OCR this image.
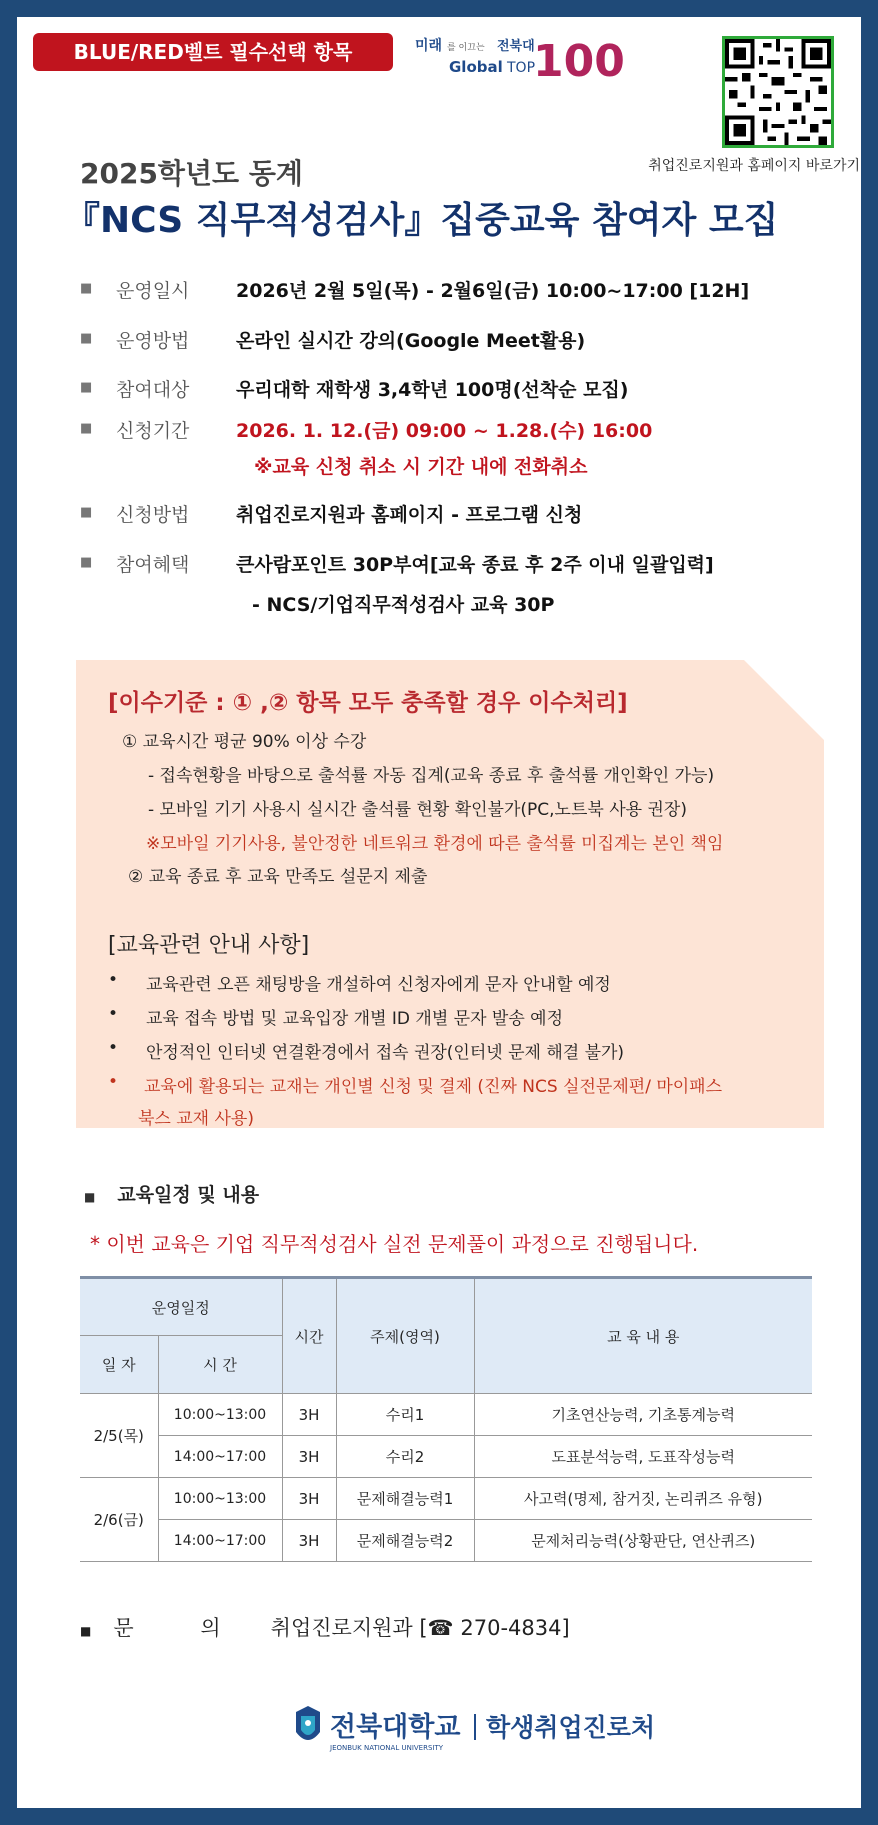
BLUE/RED벨트 필수선택 항목	미래 를 이끄는 전북대
Global TOP
100
취업진로지원과 홈페이지 바로가기
2025학년도 동계
『NCS 직무적성검사』집중교육 참여자 모집
■ 운영일시	2026년 2월 5일(목) - 2월6일(금) 10:00~17:00 [12H]
■ 운영방법	온라인 실시간 강의(Google Meet활용)
■ 참여대상	우리대학 재학생 3,4학년 100명(선착순 모집)
■ 신청기간	2026. 1. 12.(금) 09:00 ~ 1.28.(수) 16:00
※교육 신청 취소 시 기간 내에 전화취소
■ 신청방법	취업진로지원과 홈페이지 - 프로그램 신청
■ 참여혜택	큰사람포인트 30P부여[교육 종료 후 2주 이내 일괄입력]
- NCS/기업직무적성검사 교육 30P
[이수기준 : ① ,② 항목 모두 충족할 경우 이수처리]
① 교육시간 평균 90% 이상 수강
- 접속현황을 바탕으로 출석률 자동 집계(교육 종료 후 출석률 개인확인 가능)
- 모바일 기기 사용시 실시간 출석률 현황 확인불가(PC,노트북 사용 권장)
※모바일 기기사용, 불안정한 네트워크 환경에 따른 출석률 미집계는 본인 책임
② 교육 종료 후 교육 만족도 설문지 제출
[교육관련 안내 사항]
• 교육관련 오픈 채팅방을 개설하여 신청자에게 문자 안내할 예정
• 교육 접속 방법 및 교육입장 개별 ID 개별 문자 발송 예정
• 안정적인 인터넷 연결환경에서 접속 권장(인터넷 문제 해결 불가)
• 교육에 활용되는 교재는 개인별 신청 및 결제 (진짜 NCS 실전문제편/ 마이패스
북스 교재 사용)
■ 교육일정 및 내용
* 이번 교육은 기업 직무적성검사 실전 문제풀이 과정으로 진행됩니다.
운영일정		시간	주제(영역)	교 육 내 용
일 자	시 간			
2/5(목)	10:00~13:00	3H	수리1	기초연산능력, 기초통계능력
	14:00~17:00	3H	수리2	도표분석능력, 도표작성능력
2/6(금)	10:00~13:00	3H	문제해결능력1	사고력(명제, 참거짓, 논리퀴즈 유형)
	14:00~17:00	3H	문제해결능력2	문제처리능력(상황판단, 연산퀴즈)
■ 문          의 취업진로지원과 [☎ 270-4834]
전북대학교
JEONBUK NATIONAL UNIVERSITY
학생취업진로처
